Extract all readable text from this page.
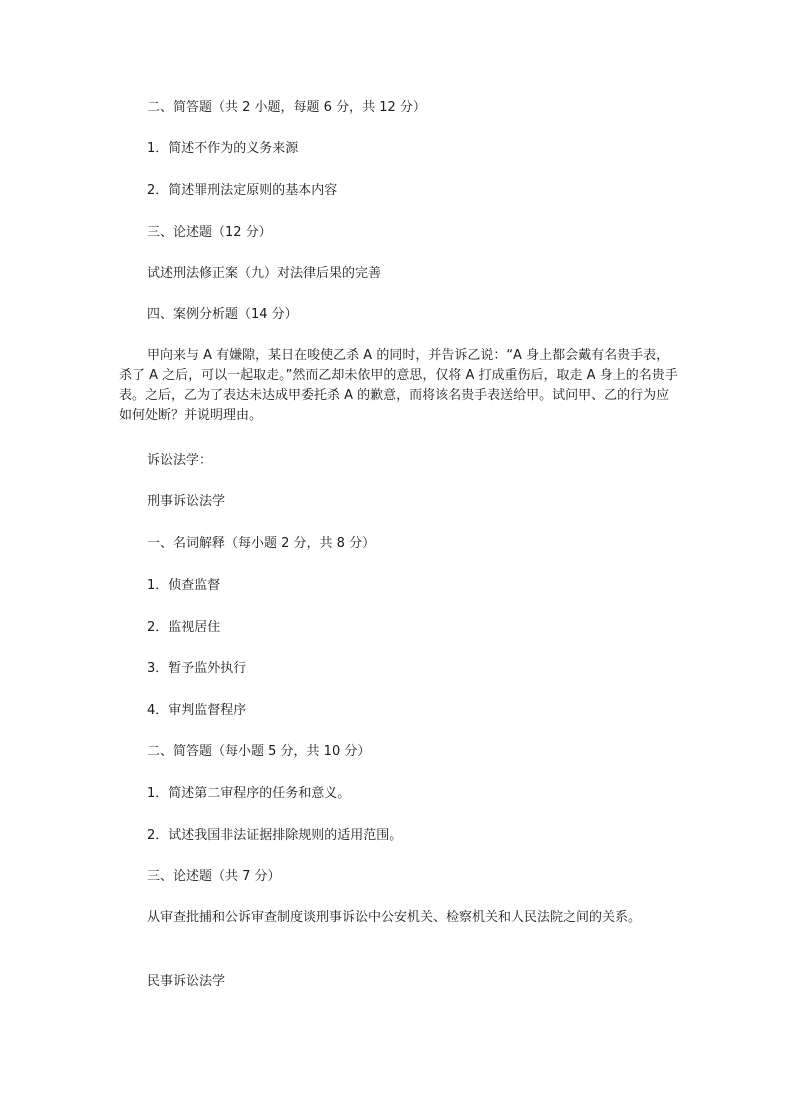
二、简答题（共 2 小题，每题 6 分，共 12 分）
1．简述不作为的义务来源
2．简述罪刑法定原则的基本内容
三、论述题（12 分）
试述刑法修正案（九）对法律后果的完善
四、案例分析题（14 分）
甲向来与 A 有嫌隙，某日在唆使乙杀 A 的同时，并告诉乙说：“A 身上都会戴有名贵手表，杀了 A 之后，可以一起取走。”然而乙却未依甲的意思，仅将 A 打成重伤后，取走 A 身上的名贵手表。之后，乙为了表达未达成甲委托杀 A 的歉意，而将该名贵手表送给甲。试问甲、乙的行为应如何处断？并说明理由。
诉讼法学：
刑事诉讼法学
一、名词解释（每小题 2 分，共 8 分）
1．侦查监督
2．监视居住
3．暂予监外执行
4．审判监督程序
二、简答题（每小题 5 分，共 10 分）
1．简述第二审程序的任务和意义。
2．试述我国非法证据排除规则的适用范围。
三、论述题（共 7 分）
从审查批捕和公诉审查制度谈刑事诉讼中公安机关、检察机关和人民法院之间的关系。
民事诉讼法学
